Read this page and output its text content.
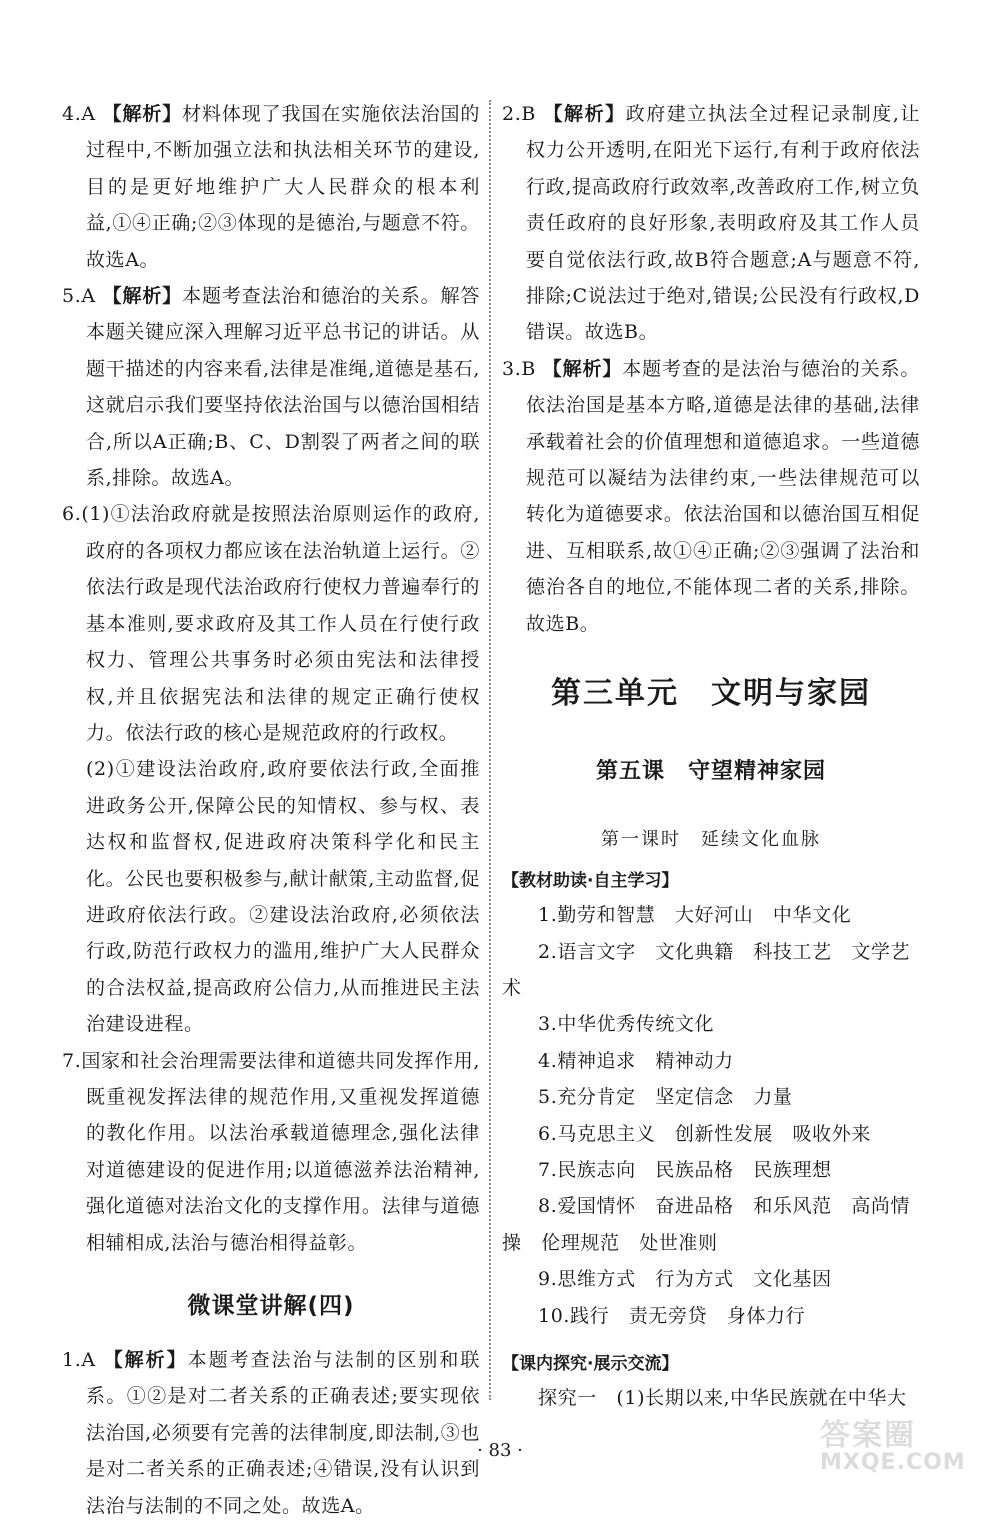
4.A 【解析】材料体现了我国在实施依法治国的过程中,不断加强立法和执法相关环节的建设,目的是更好地维护广大人民群众的根本利益,①④正确;②③体现的是德治,与题意不符。故选A。

5.A 【解析】本题考查法治和德治的关系。解答本题关键应深入理解习近平总书记的讲话。从题干描述的内容来看,法律是准绳,道德是基石,这就启示我们要坚持依法治国与以德治国相结合,所以A正确;B、C、D割裂了两者之间的联系,排除。故选A。

6.(1)①法治政府就是按照法治原则运作的政府,政府的各项权力都应该在法治轨道上运行。②依法行政是现代法治政府行使权力普遍奉行的基本准则,要求政府及其工作人员在行使行政权力、管理公共事务时必须由宪法和法律授权,并且依据宪法和法律的规定正确行使权力。依法行政的核心是规范政府的行政权。

(2)①建设法治政府,政府要依法行政,全面推进政务公开,保障公民的知情权、参与权、表达权和监督权,促进政府决策科学化和民主化。公民也要积极参与,献计献策,主动监督,促进政府依法行政。②建设法治政府,必须依法行政,防范行政权力的滥用,维护广大人民群众的合法权益,提高政府公信力,从而推进民主法治建设进程。

7.国家和社会治理需要法律和道德共同发挥作用,既重视发挥法律的规范作用,又重视发挥道德的教化作用。以法治承载道德理念,强化法律对道德建设的促进作用;以道德滋养法治精神,强化道德对法治文化的支撑作用。法律与道德相辅相成,法治与德治相得益彰。

微课堂讲解(四)

1.A 【解析】本题考查法治与法制的区别和联系。①②是对二者关系的正确表述;要实现依法治国,必须要有完善的法律制度,即法制,③也是对二者关系的正确表述;④错误,没有认识到法治与法制的不同之处。故选A。

2.B 【解析】政府建立执法全过程记录制度,让权力公开透明,在阳光下运行,有利于政府依法行政,提高政府行政效率,改善政府工作,树立负责任政府的良好形象,表明政府及其工作人员要自觉依法行政,故B符合题意;A与题意不符,排除;C说法过于绝对,错误;公民没有行政权,D错误。故选B。

3.B 【解析】本题考查的是法治与德治的关系。依法治国是基本方略,道德是法律的基础,法律承载着社会的价值理想和道德追求。一些道德规范可以凝结为法律约束,一些法律规范可以转化为道德要求。依法治国和以德治国互相促进、互相联系,故①④正确;②③强调了法治和德治各自的地位,不能体现二者的关系,排除。故选B。

第三单元　文明与家园
第五课　守望精神家园
第一课时　延续文化血脉
【教材助读·自主学习】

1.勤劳和智慧　大好河山　中华文化

2.语言文字　文化典籍　科技工艺　文学艺术

3.中华优秀传统文化

4.精神追求　精神动力

5.充分肯定　坚定信念　力量

6.马克思主义　创新性发展　吸收外来

7.民族志向　民族品格　民族理想

8.爱国情怀　奋进品格　和乐风范　高尚情操　伦理规范　处世准则

9.思维方式　行为方式　文化基因

10.践行　责无旁贷　身体力行

【课内探究·展示交流】

探究一　(1)长期以来,中华民族就在中华大

· 83 ·	答案圈
MXQE.COM
